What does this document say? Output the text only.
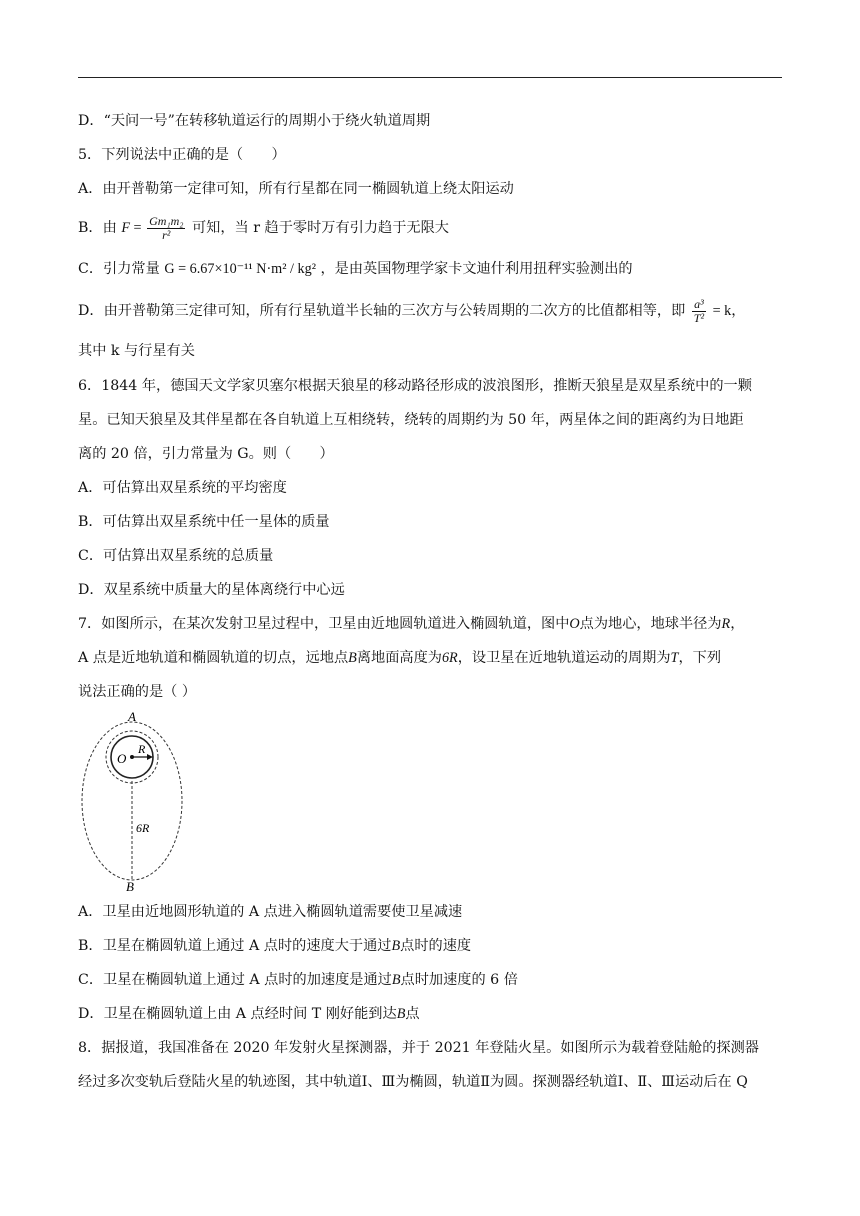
D．“天问一号”在转移轨道运行的周期小于绕火轨道周期
5．下列说法中正确的是（　　）
A．由开普勒第一定律可知，所有行星都在同一椭圆轨道上绕太阳运动
B．由 $F = \frac{\text{Gm₁m₂}}{\text{r²}}$ 可知，当 r 趋于零时万有引力趋于无限大
C．引力常量 G = 6.67×10⁻¹¹ N·m² / kg² ，是由英国物理学家卡文迪什利用扭秤实验测出的
D．由开普勒第三定律可知，所有行星轨道半长轴的三次方与公转周期的二次方的比值都相等，即 $\frac{\text{a³}}{\text{T²}} = k$，
其中 k 与行星有关
6．1844 年，德国天文学家贝塞尔根据天狼星的移动路径形成的波浪图形，推断天狼星是双星系统中的一颗
星。已知天狼星及其伴星都在各自轨道上互相绕转，绕转的周期约为 50 年，两星体之间的距离约为日地距
离的 20 倍，引力常量为 G。则（　　）
A．可估算出双星系统的平均密度
B．可估算出双星系统中任一星体的质量
C．可估算出双星系统的总质量
D．双星系统中质量大的星体离绕行中心远
7．如图所示，在某次发射卫星过程中，卫星由近地圆轨道进入椭圆轨道，图中O点为地心，地球半径为R，
A 点是近地轨道和椭圆轨道的切点，远地点B离地面高度为6R，设卫星在近地轨道运动的周期为T，下列
说法正确的是（ ）
A
O
R
6R
B
A．卫星由近地圆形轨道的 A 点进入椭圆轨道需要使卫星减速
B．卫星在椭圆轨道上通过 A 点时的速度大于通过B点时的速度
C．卫星在椭圆轨道上通过 A 点时的加速度是通过B点时加速度的 6 倍
D．卫星在椭圆轨道上由 A 点经时间 T 刚好能到达B点
8．据报道，我国准备在 2020 年发射火星探测器，并于 2021 年登陆火星。如图所示为载着登陆舱的探测器
经过多次变轨后登陆火星的轨迹图，其中轨道Ⅰ、Ⅲ为椭圆，轨道Ⅱ为圆。探测器经轨道Ⅰ、Ⅱ、Ⅲ运动后在 Q
